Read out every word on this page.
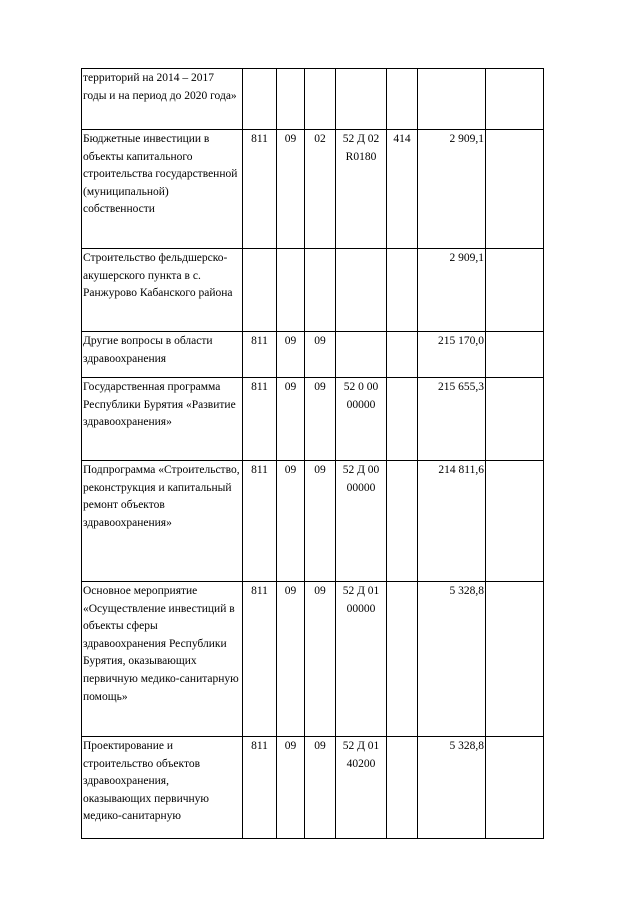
территорий на 2014 – 2017 годы и на период до 2020 года»							
Бюджетные инвестиции в объекты капитального строительства государственной (муниципальной) собственности	811	09	02	52 Д 02 R0180	414	2 909,1	
Строительство фельдшерско-акушерского пункта в с. Ранжурово Кабанского района						2 909,1	
Другие вопросы в области здравоохранения	811	09	09			215 170,0	
Государственная программа Республики Бурятия «Развитие здравоохранения»	811	09	09	52 0 00 00000		215 655,3	
Подпрограмма «Строительство, реконструкция и капитальный ремонт объектов здравоохранения»	811	09	09	52 Д 00 00000		214 811,6	
Основное мероприятие «Осуществление инвестиций в объекты сферы здравоохранения Республики Бурятия, оказывающих первичную медико-санитарную помощь»	811	09	09	52 Д 01 00000		5 328,8	
Проектирование и строительство объектов здравоохранения, оказывающих первичную медико-санитарную	811	09	09	52 Д 01 40200		5 328,8	
